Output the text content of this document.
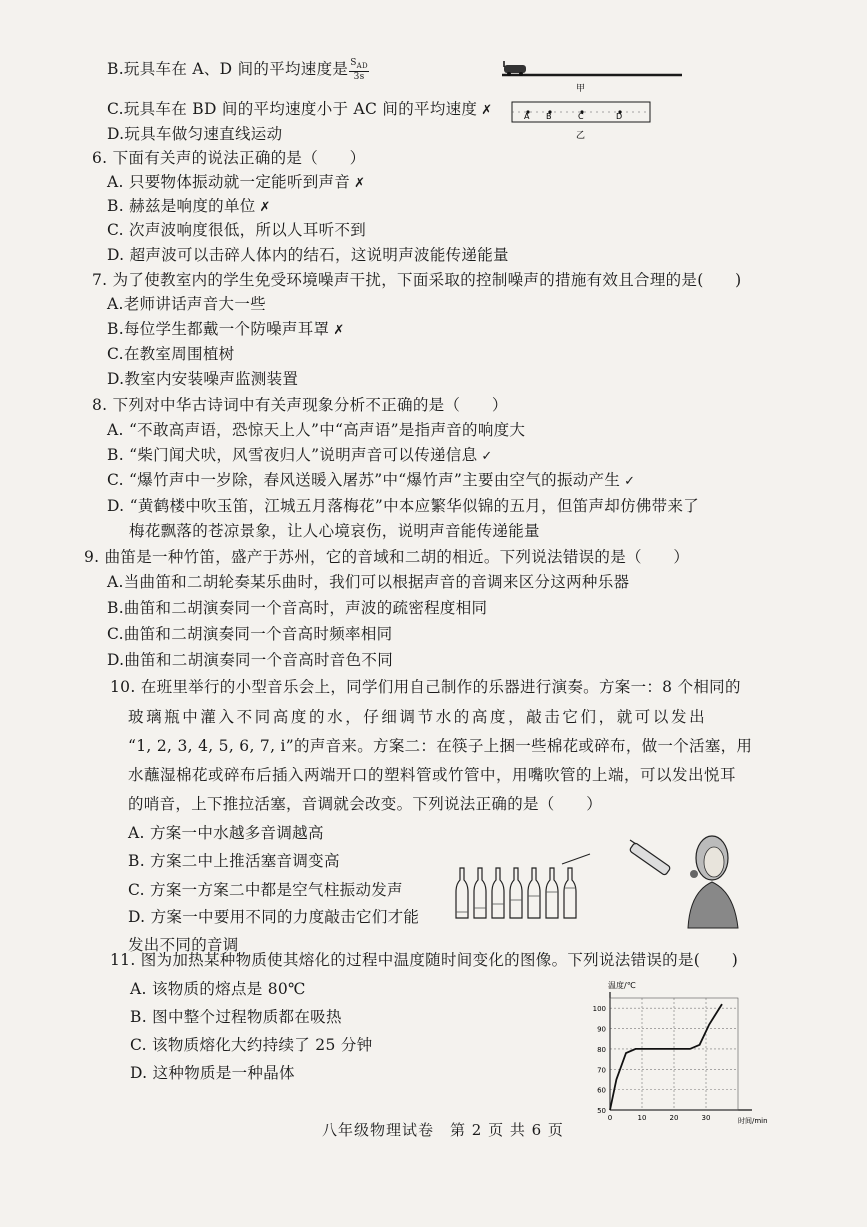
B.玩具车在 A、D 间的平均速度是 $\frac{S_{AD}}{3s}$
C.玩具车在 BD 间的平均速度小于 AC 间的平均速度 ✗
D.玩具车做匀速直线运动
甲
A B	C	D
乙
6. 下面有关声的说法正确的是（　　）
A. 只要物体振动就一定能听到声音 ✗
B. 赫兹是响度的单位 ✗
C. 次声波响度很低，所以人耳听不到
D. 超声波可以击碎人体内的结石，这说明声波能传递能量
7. 为了使教室内的学生免受环境噪声干扰，下面采取的控制噪声的措施有效且合理的是(　　)
A.老师讲话声音大一些
B.每位学生都戴一个防噪声耳罩 ✗
C.在教室周围植树
D.教室内安装噪声监测装置
8. 下列对中华古诗词中有关声现象分析不正确的是（　　）
A. “不敢高声语，恐惊天上人”中“高声语”是指声音的响度大
B. “柴门闻犬吠，风雪夜归人”说明声音可以传递信息 ✓
C. “爆竹声中一岁除，春风送暖入屠苏”中“爆竹声”主要由空气的振动产生 ✓
D. “黄鹤楼中吹玉笛，江城五月落梅花”中本应繁华似锦的五月，但笛声却仿佛带来了
梅花飘落的苍凉景象，让人心境哀伤，说明声音能传递能量
9. 曲笛是一种竹笛，盛产于苏州，它的音域和二胡的相近。下列说法错误的是（　　）
A.当曲笛和二胡轮奏某乐曲时，我们可以根据声音的音调来区分这两种乐器
B.曲笛和二胡演奏同一个音高时，声波的疏密程度相同
C.曲笛和二胡演奏同一个音高时频率相同
D.曲笛和二胡演奏同一个音高时音色不同
10. 在班里举行的小型音乐会上，同学们用自己制作的乐器进行演奏。方案一：8 个相同的
玻璃瓶中灌入不同高度的水，仔细调节水的高度，敲击它们，就可以发出
“1, 2, 3, 4, 5, 6, 7, i”的声音来。方案二：在筷子上捆一些棉花或碎布，做一个活塞，用
水蘸湿棉花或碎布后插入两端开口的塑料管或竹管中，用嘴吹管的上端，可以发出悦耳
的哨音，上下推拉活塞，音调就会改变。下列说法正确的是（　　）
A. 方案一中水越多音调越高
B. 方案二中上推活塞音调变高
C. 方案一方案二中都是空气柱振动发声
D. 方案一中要用不同的力度敲击它们才能
发出不同的音调
11. 图为加热某种物质使其熔化的过程中温度随时间变化的图像。下列说法错误的是(　　)
A. 该物质的熔点是 80℃
B. 图中整个过程物质都在吸热
C. 该物质熔化大约持续了 25 分钟
D. 这种物质是一种晶体
50
60
70
80
90
100
0	10	20	30
温度/℃
时间/min
八年级物理试卷　第 2 页 共 6 页
